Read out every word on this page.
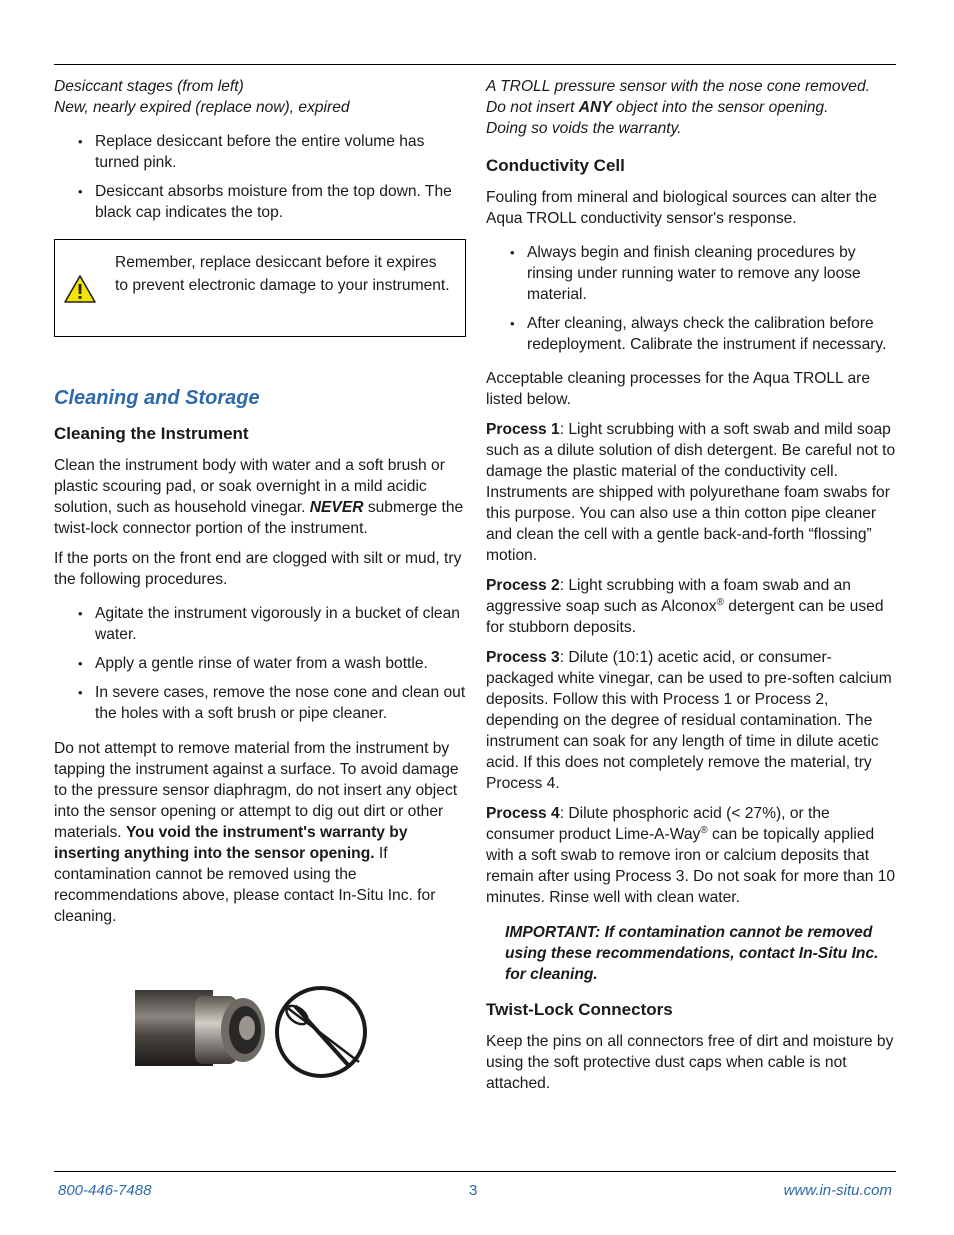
Desiccant stages (from left)

New, nearly expired (replace now), expired

• Replace desiccant before the entire volume has turned pink.
• Desiccant absorbs moisture from the top down. The black cap indicates the top.
Remember, replace desiccant before it expires to prevent electronic damage to your instrument.
Cleaning and Storage
Cleaning the Instrument

Clean the instrument body with water and a soft brush or plastic scouring pad, or soak overnight in a mild acidic solution, such as household vinegar. NEVER submerge the twist-lock connector portion of the instrument.

If the ports on the front end are clogged with silt or mud, try the following procedures.

• Agitate the instrument vigorously in a bucket of clean water.
• Apply a gentle rinse of water from a wash bottle.
• In severe cases, remove the nose cone and clean out the holes with a soft brush or pipe cleaner.

Do not attempt to remove material from the instrument by tapping the instrument against a surface. To avoid damage to the pressure sensor diaphragm, do not insert any object into the sensor opening or attempt to dig out dirt or other materials. You void the instrument's warranty by inserting anything into the sensor opening. If contamination cannot be removed using the recommendations above, please contact In-Situ Inc. for cleaning.

A TROLL pressure sensor with the nose cone removed.

Do not insert ANY object into the sensor opening.

Doing so voids the warranty.

Conductivity Cell

Fouling from mineral and biological sources can alter the Aqua TROLL conductivity sensor's response.

• Always begin and finish cleaning procedures by rinsing under running water to remove any loose material.
• After cleaning, always check the calibration before redeployment. Calibrate the instrument if necessary.

Acceptable cleaning processes for the Aqua TROLL are listed below.

Process 1: Light scrubbing with a soft swab and mild soap such as a dilute solution of dish detergent. Be careful not to damage the plastic material of the conductivity cell. Instruments are shipped with polyurethane foam swabs for this purpose. You can also use a thin cotton pipe cleaner and clean the cell with a gentle back-and-forth “flossing” motion.

Process 2: Light scrubbing with a foam swab and an aggressive soap such as Alconox® detergent can be used for stubborn deposits.

Process 3: Dilute (10:1) acetic acid, or consumer-packaged white vinegar, can be used to pre-soften calcium deposits. Follow this with Process 1 or Process 2, depending on the degree of residual contamination. The instrument can soak for any length of time in dilute acetic acid. If this does not completely remove the material, try Process 4.

Process 4: Dilute phosphoric acid (< 27%), or the consumer product Lime-A-Way® can be topically applied with a soft swab to remove iron or calcium deposits that remain after using Process 3. Do not soak for more than 10 minutes. Rinse well with clean water.

IMPORTANT: If contamination cannot be removed using these recommendations, contact In-Situ Inc. for cleaning.

Twist-Lock Connectors

Keep the pins on all connectors free of dirt and moisture by using the soft protective dust caps when cable is not attached.

800-446-7488	3	www.in-situ.com
